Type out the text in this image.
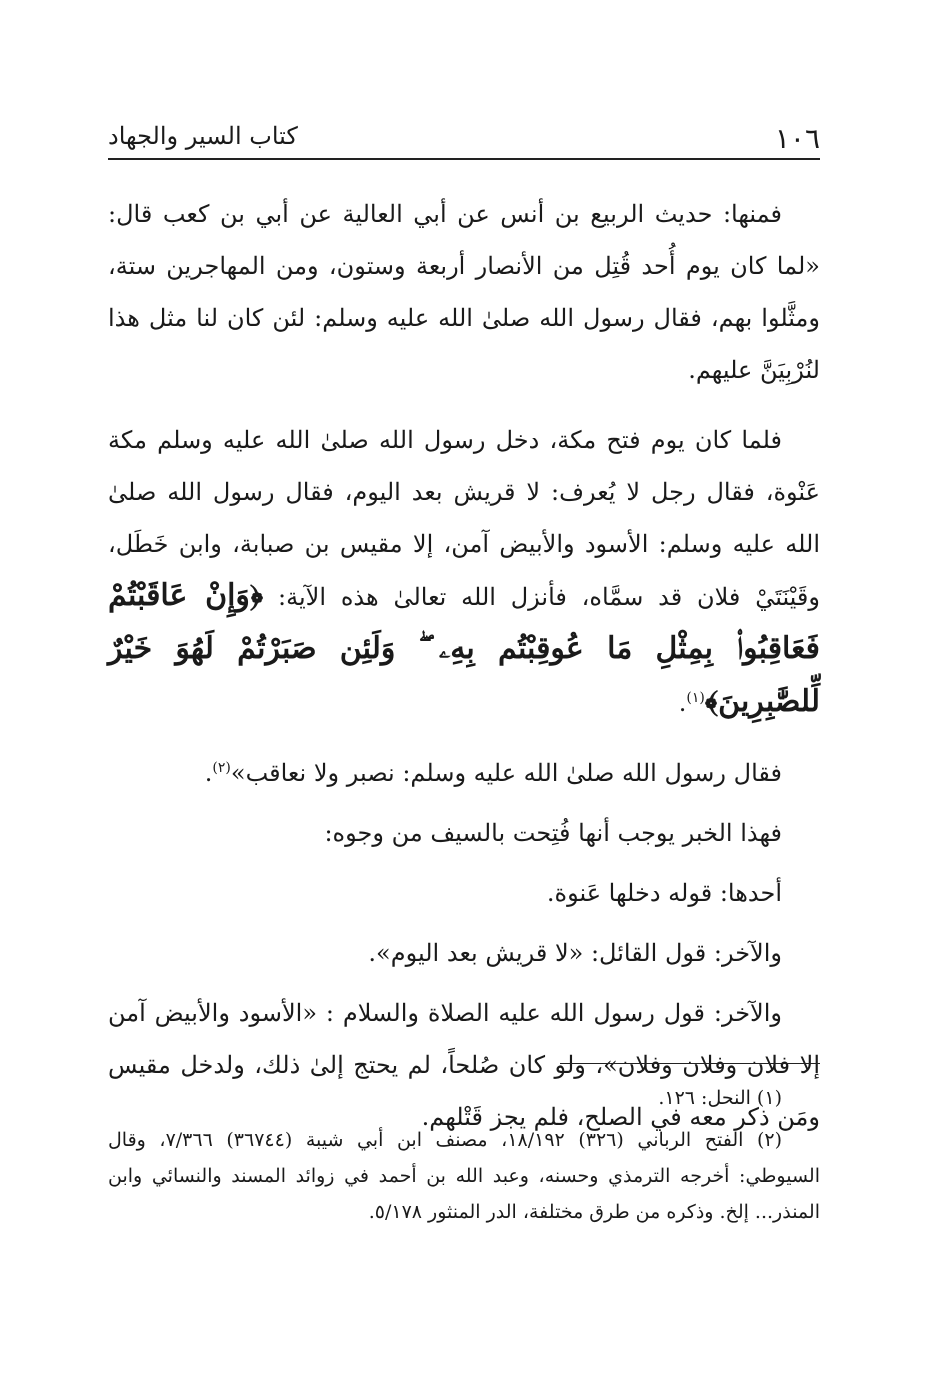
١٠٦
كتاب السير والجهاد

فمنها: حديث الربيع بن أنس عن أبي العالية عن أبي بن كعب قال: «لما كان يوم أُحد قُتِل من الأنصار أربعة وستون، ومن المهاجرين ستة، ومثَّلوا بهم، فقال رسول الله صلىٰ الله عليه وسلم: لئن كان لنا مثل هذا لنُرْبِيَنَّ عليهم.

فلما كان يوم فتح مكة، دخل رسول الله صلىٰ الله عليه وسلم مكة عَنْوة، فقال رجل لا يُعرف: لا قريش بعد اليوم، فقال رسول الله صلىٰ الله عليه وسلم: الأسود والأبيض آمن، إلا مقيس بن صبابة، وابن خَطَل، وقَيْنَتَيْ فلان قد سمَّاه، فأنزل الله تعالىٰ هذه الآية: ﴿وَإِنْ عَاقَبْتُمْ فَعَاقِبُوا۟ بِمِثْلِ مَا عُوقِبْتُم بِهِۦ ۖ وَلَئِن صَبَرْتُمْ لَهُوَ خَيْرٌ لِّلصَّٰبِرِينَ﴾$^{(١)}$.

فقال رسول الله صلىٰ الله عليه وسلم: نصبر ولا نعاقب»$^{(٢)}$.

فهذا الخبر يوجب أنها فُتِحت بالسيف من وجوه:

أحدها: قوله دخلها عَنوة.

والآخر: قول القائل: «لا قريش بعد اليوم».

والآخر: قول رسول الله عليه الصلاة والسلام : «الأسود والأبيض آمن إلا فلان وفلان وفلان»، ولو كان صُلحاً، لم يحتج إلىٰ ذلك، ولدخل مقيس ومَن ذكر معه في الصلح، فلم يجز قَتْلهم.

(١) النحل: ١٢٦.

(٢) الفتح الرباني (٣٢٦) ١٨/١٩٢، مصنف ابن أبي شيبة (٣٦٧٤٤) ٧/٣٦٦، وقال السيوطي: أخرجه الترمذي وحسنه، وعبد الله بن أحمد في زوائد المسند والنسائي وابن المنذر... إلخ. وذكره من طرق مختلفة، الدر المنثور ٥/١٧٨.
